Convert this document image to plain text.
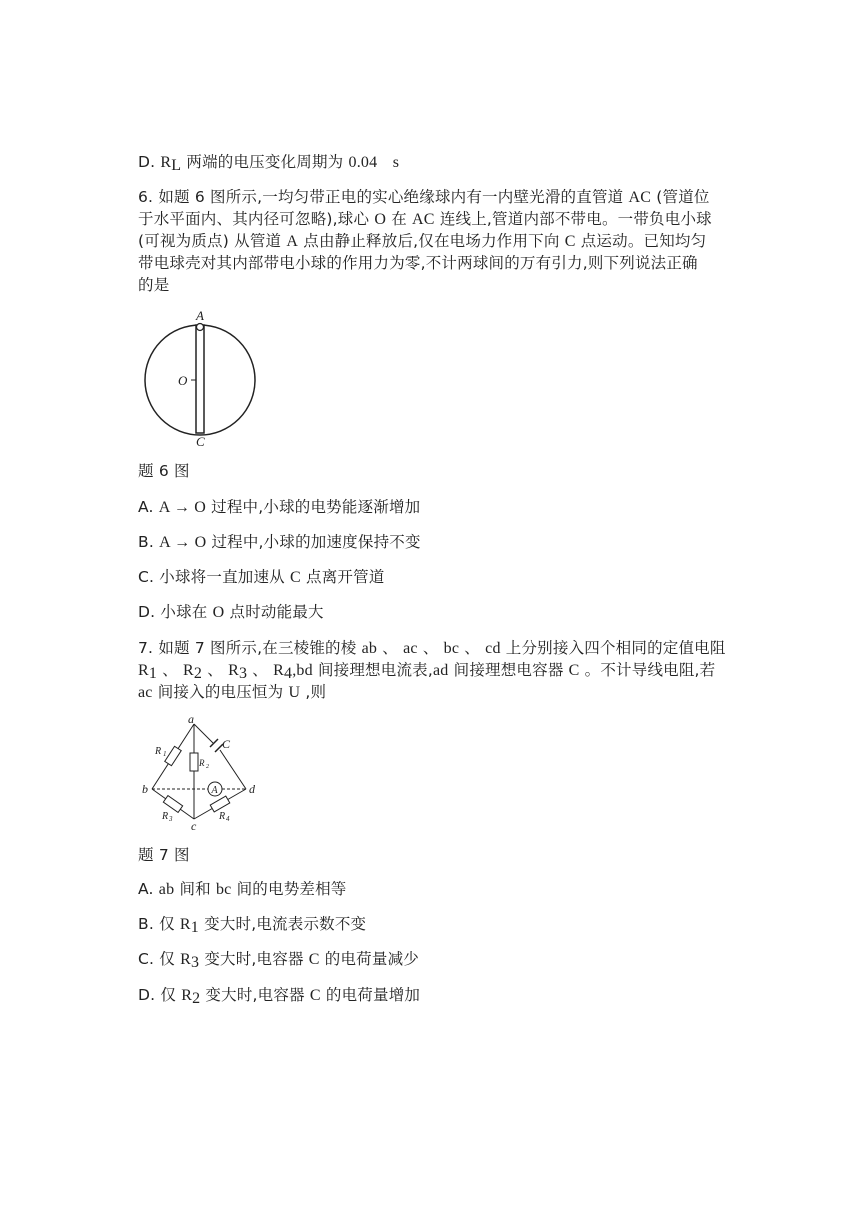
D. $R_L$ 两端的电压变化周期为 0.04 s
6. 如题 6 图所示,一均匀带正电的实心绝缘球内有一内壁光滑的直管道 AC (管道位
于水平面内、其内径可忽略),球心 O 在 AC 连线上,管道内部不带电。一带负电小球
(可视为质点) 从管道 A 点由静止释放后,仅在电场力作用下向 C 点运动。已知均匀
带电球壳对其内部带电小球的作用力为零,不计两球间的万有引力,则下列说法正确
的是
A
O
C
题 6 图
A. A → O 过程中,小球的电势能逐渐增加
B. A → O 过程中,小球的加速度保持不变
C. 小球将一直加速从 C 点离开管道
D. 小球在 O 点时动能最大
7. 如题 7 图所示,在三棱锥的棱 ab 、 ac 、 bc 、 cd 上分别接入四个相同的定值电阻
$R_1$ 、 $R_2$ 、 $R_3$ 、 $R_4,bd$ 间接理想电流表,ad 间接理想电容器 C 。不计导线电阻,若
ac 间接入的电压恒为 U ,则
A
a
b
c
d
C
R 1
R 2
R 3	R 4
题 7 图
A. ab 间和 bc 间的电势差相等
B. 仅 $R_1$ 变大时,电流表示数不变
C. 仅 $R_3$ 变大时,电容器 C 的电荷量减少
D. 仅 $R_2$ 变大时,电容器 C 的电荷量增加
